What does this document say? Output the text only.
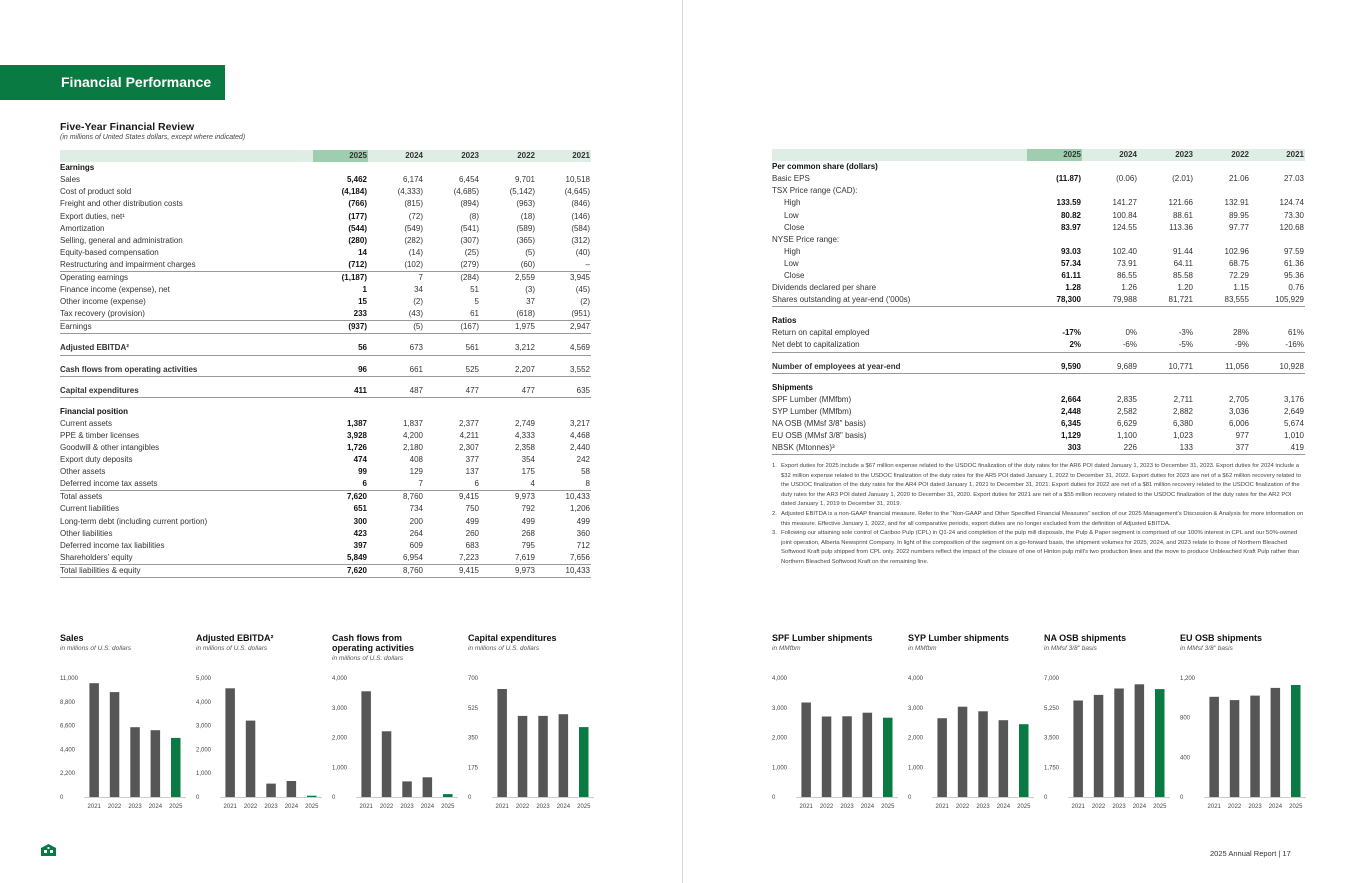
Financial Performance
Five-Year Financial Review
(in millions of United States dollars, except where indicated)
	2025	2024	2023	2022	2021
Earnings					
Sales	5,462	6,174	6,454	9,701	10,518
Cost of product sold	(4,184)	(4,333)	(4,685)	(5,142)	(4,645)
Freight and other distribution costs	(766)	(815)	(894)	(963)	(846)
Export duties, net¹	(177)	(72)	(8)	(18)	(146)
Amortization	(544)	(549)	(541)	(589)	(584)
Selling, general and administration	(280)	(282)	(307)	(365)	(312)
Equity-based compensation	14	(14)	(25)	(5)	(40)
Restructuring and impairment charges	(712)	(102)	(279)	(60)	–
Operating earnings	(1,187)	7	(284)	2,559	3,945
Finance income (expense), net	1	34	51	(3)	(45)
Other income (expense)	15	(2)	5	37	(2)
Tax recovery (provision)	233	(43)	61	(618)	(951)
Earnings	(937)	(5)	(167)	1,975	2,947

Adjusted EBITDA²	56	673	561	3,212	4,569

Cash flows from operating activities	96	661	525	2,207	3,552

Capital expenditures	411	487	477	477	635

Financial position					
Current assets	1,387	1,837	2,377	2,749	3,217
PPE & timber licenses	3,928	4,200	4,211	4,333	4,468
Goodwill & other intangibles	1,726	2,180	2,307	2,358	2,440
Export duty deposits	474	408	377	354	242
Other assets	99	129	137	175	58
Deferred income tax assets	6	7	6	4	8
Total assets	7,620	8,760	9,415	9,973	10,433
Current liabilities	651	734	750	792	1,206
Long-term debt (including current portion)	300	200	499	499	499
Other liabilities	423	264	260	268	360
Deferred income tax liabilities	397	609	683	795	712
Shareholders’ equity	5,849	6,954	7,223	7,619	7,656
Total liabilities & equity	7,620	8,760	9,415	9,973	10,433
	2025	2024	2023	2022	2021
Per common share (dollars)					
Basic EPS	(11.87)	(0.06)	(2.01)	21.06	27.03
TSX Price range (CAD):					
High	133.59	141.27	121.66	132.91	124.74
Low	80.82	100.84	88.61	89.95	73.30
Close	83.97	124.55	113.36	97.77	120.68
NYSE Price range:					
High	93.03	102.40	91.44	102.96	97.59
Low	57.34	73.91	64.11	68.75	61.36
Close	61.11	86.55	85.58	72.29	95.36
Dividends declared per share	1.28	1.26	1.20	1.15	0.76
Shares outstanding at year-end (’000s)	78,300	79,988	81,721	83,555	105,929

Ratios					
Return on capital employed	-17%	0%	-3%	28%	61%
Net debt to capitalization	2%	-6%	-5%	-9%	-16%

Number of employees at year-end	9,590	9,689	10,771	11,056	10,928

Shipments					
SPF Lumber (MMfbm)	2,664	2,835	2,711	2,705	3,176
SYP Lumber (MMfbm)	2,448	2,582	2,882	3,036	2,649
NA OSB (MMsf 3/8" basis)	6,345	6,629	6,380	6,006	5,674
EU OSB (MMsf 3/8" basis)	1,129	1,100	1,023	977	1,010
NBSK (Mtonnes)³	303	226	133	377	419
1. Export duties for 2025 include a $67 million expense related to the USDOC finalization of the duty rates for the AR6 POI dated January 1, 2023 to December 31, 2023. Export duties for 2024 include a $32 million expense related to the USDOC finalization of the duty rates for the AR5 POI dated January 1, 2022 to December 31, 2022. Export duties for 2023 are net of a $62 million recovery related to the USDOC finalization of the duty rates for the AR4 POI dated January 1, 2021 to December 31, 2021. Export duties for 2022 are net of a $81 million recovery related to the USDOC finalization of the duty rates for the AR3 POI dated January 1, 2020 to December 31, 2020. Export duties for 2021 are net of a $55 million recovery related to the USDOC finalization of the duty rates for the AR2 POI dated January 1, 2019 to December 31, 2019.
2. Adjusted EBITDA is a non-GAAP financial measure. Refer to the “Non-GAAP and Other Specified Financial Measures” section of our 2025 Management’s Discussion & Analysis for more information on this measure. Effective January 1, 2022, and for all comparative periods, export duties are no longer excluded from the definition of Adjusted EBITDA.
3. Following our attaining sole control of Cariboo Pulp (CPL) in Q1-24 and completion of the pulp mill disposals, the Pulp & Paper segment is comprised of our 100% interest in CPL and our 50%-owned joint operation, Alberta Newsprint Company. In light of the composition of the segment on a go-forward basis, the shipment volumes for 2025, 2024, and 2023 relate to those of Northern Bleached Softwood Kraft pulp shipped from CPL only. 2022 numbers reflect the impact of the closure of one of Hinton pulp mill’s two production lines and the move to produce Unbleached Kraft Pulp rather than Northern Bleached Softwood Kraft on the remaining line.
0
2,200
4,400
6,600
8,800
11,000
2021 2022 2023 2024 2025
Sales
in millions of U.S. dollars
0
1,000
2,000
3,000
4,000
5,000
2021 2022 2023 2024 2025
Adjusted EBITDA²
in millions of U.S. dollars
0
1,000
2,000
3,000
4,000
2021 2022 2023 2024 2025
Cash flows from operating activities
in millions of U.S. dollars
0
175
350
525
700
2021 2022 2023 2024 2025
Capital expenditures
in millions of U.S. dollars
0
1,000
2,000
3,000
4,000
2021 2022 2023 2024 2025
SPF Lumber shipments
in MMfbm
0
1,000
2,000
3,000
4,000
2021 2022 2023 2024 2025
SYP Lumber shipments
in MMfbm
0
1,750
3,500
5,250
7,000
2021 2022 2023 2024 2025
NA OSB shipments
in MMsf 3/8" basis
0
400
800
1,200
2021 2022 2023 2024 2025
EU OSB shipments
in MMsf 3/8" basis
2025 Annual Report | 17
